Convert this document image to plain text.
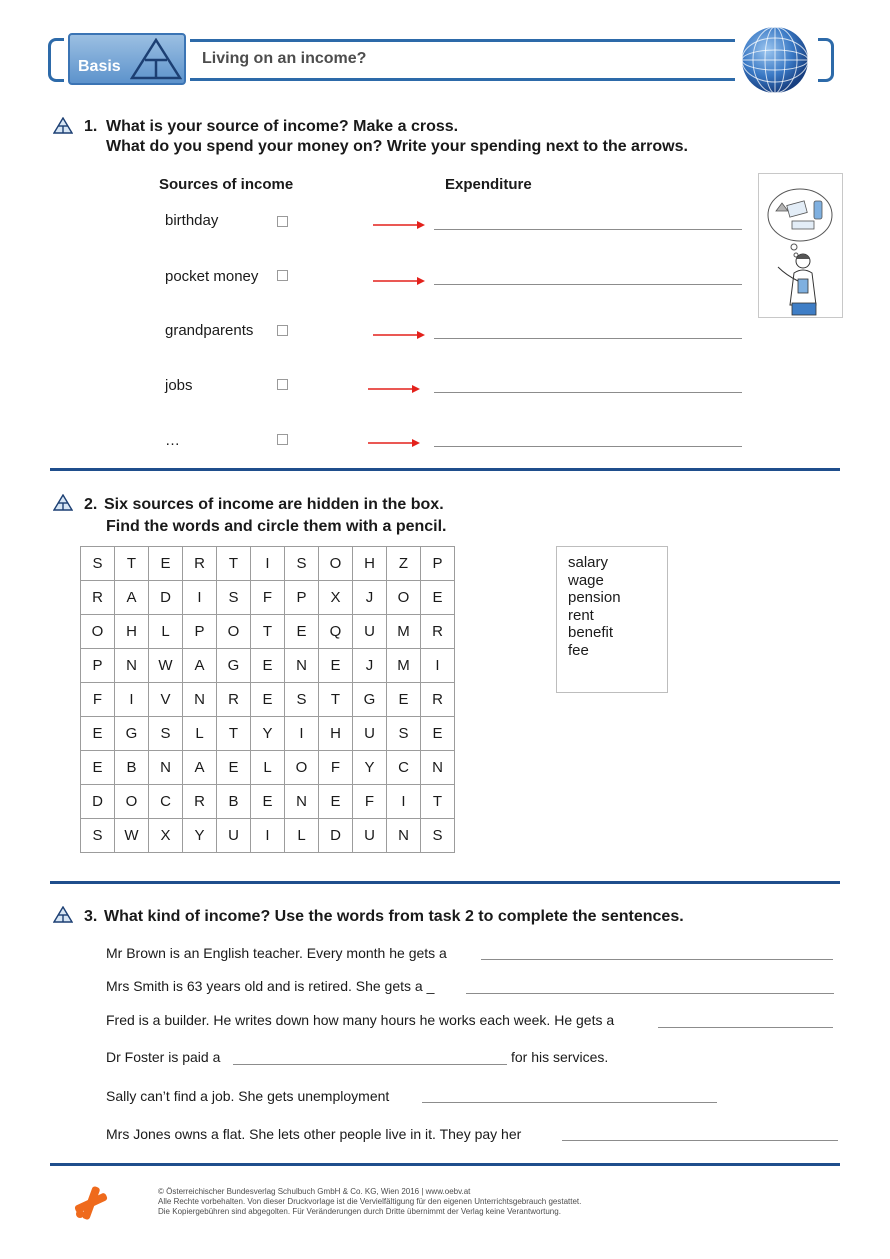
Basis	Living on an income?
1. What is your source of income? Make a cross.
What do you spend your money on? Write your spending next to the arrows.
Sources of income	Expenditure
birthday
pocket money
grandparents
jobs
…
2. Six sources of income are hidden in the box.
Find the words and circle them with a pencil.
S	T	E	R	T	I	S	O	H	Z	P
R	A	D	I	S	F	P	X	J	O	E
O	H	L	P	O	T	E	Q	U	M	R
P	N	W	A	G	E	N	E	J	M	I
F	I	V	N	R	E	S	T	G	E	R
E	G	S	L	T	Y	I	H	U	S	E
E	B	N	A	E	L	O	F	Y	C	N
D	O	C	R	B	E	N	E	F	I	T
S	W	X	Y	U	I	L	D	U	N	S
salary
wage
pension
rent
benefit
fee
3. What kind of income? Use the words from task 2 to complete the sentences.
Mr Brown is an English teacher. Every month he gets a
Mrs Smith is 63 years old and is retired. She gets a _
Fred is a builder. He writes down how many hours he works each week. He gets a
Dr Foster is paid a	for his services.
Sally can’t find a job. She gets unemployment
Mrs Jones owns a flat. She lets other people live in it. They pay her
© Österreichischer Bundesverlag Schulbuch GmbH & Co. KG, Wien 2016 | www.oebv.at
Alle Rechte vorbehalten. Von dieser Druckvorlage ist die Vervielfältigung für den eigenen Unterrichtsgebrauch gestattet.
Die Kopiergebühren sind abgegolten. Für Veränderungen durch Dritte übernimmt der Verlag keine Verantwortung.
